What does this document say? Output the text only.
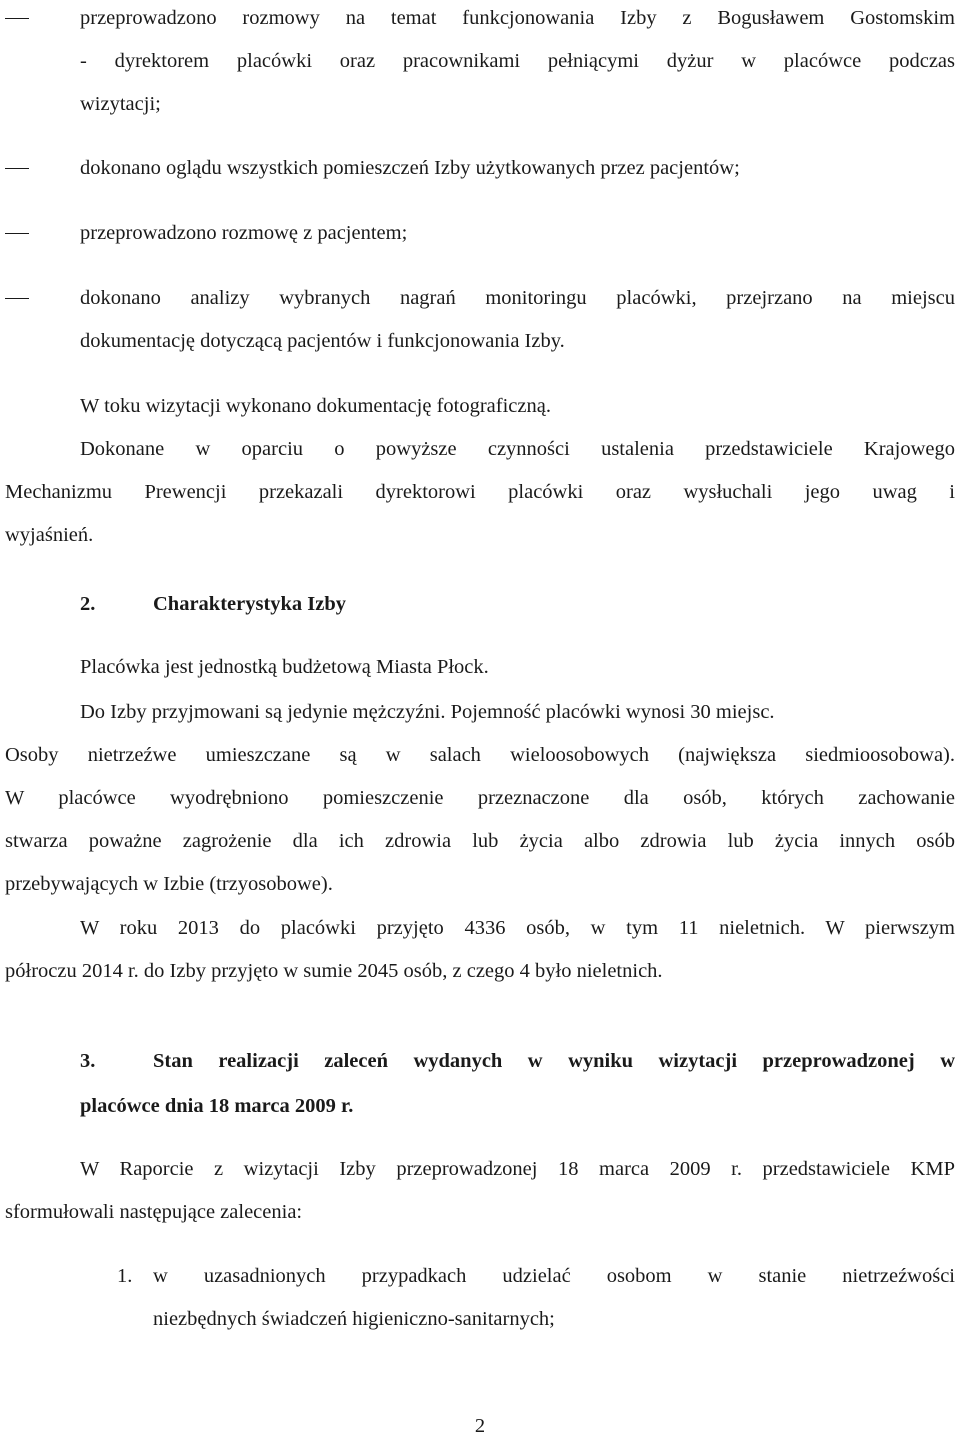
przeprowadzono rozmowy na temat funkcjonowania Izby z Bogusławem Gostomskim
- dyrektorem placówki oraz pracownikami pełniącymi dyżur w placówce podczas
wizytacji;
dokonano oglądu wszystkich pomieszczeń Izby użytkowanych przez pacjentów;
przeprowadzono rozmowę z pacjentem;
dokonano analizy wybranych nagrań monitoringu placówki, przejrzano na miejscu
dokumentację dotyczącą pacjentów i funkcjonowania Izby.
W toku wizytacji wykonano dokumentację fotograficzną.
Dokonane w oparciu o powyższe czynności ustalenia przedstawiciele Krajowego
Mechanizmu Prewencji przekazali dyrektorowi placówki oraz wysłuchali jego uwag i
wyjaśnień.
2.	Charakterystyka Izby
Placówka jest jednostką budżetową Miasta Płock.
Do Izby przyjmowani są jedynie mężczyźni. Pojemność placówki wynosi 30 miejsc.
Osoby nietrzeźwe umieszczane są w salach wieloosobowych (największa siedmioosobowa).
W placówce wyodrębniono pomieszczenie przeznaczone dla osób, których zachowanie
stwarza poważne zagrożenie dla ich zdrowia lub życia albo zdrowia lub życia innych osób
przebywających w Izbie (trzyosobowe).
W roku 2013 do placówki przyjęto 4336 osób, w tym 11 nieletnich. W pierwszym
półroczu 2014 r. do Izby przyjęto w sumie 2045 osób, z czego 4 było nieletnich.
3.	Stan realizacji zaleceń wydanych w wyniku wizytacji przeprowadzonej w
placówce dnia 18 marca 2009 r.
W Raporcie z wizytacji Izby przeprowadzonej 18 marca 2009 r. przedstawiciele KMP
sformułowali następujące zalecenia:
1.	w uzasadnionych przypadkach udzielać osobom w stanie nietrzeźwości
niezbędnych świadczeń higieniczno-sanitarnych;
2
